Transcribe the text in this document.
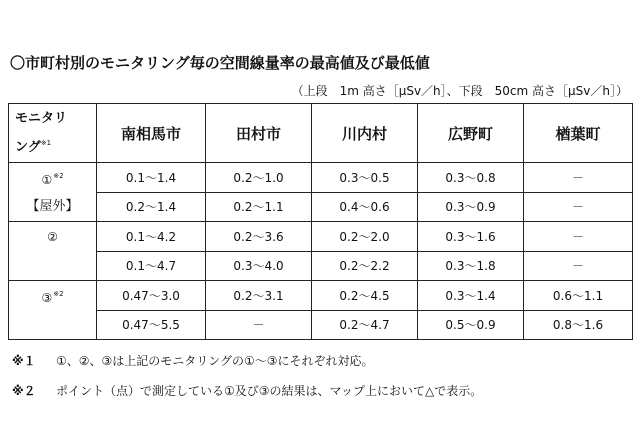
〇市町村別のモニタリング毎の空間線量率の最高値及び最低値
（上段　1m 高さ［μSv／h］、下段　50cm 高さ［μSv／h］）
モニタリ
ング$^{※1}$	南相馬市	田村市	川内村	広野町	楢葉町
①$^{※2}$	0.1～1.4	0.2～1.0	0.3～0.5	0.3～0.8	－
【屋外】	0.2～1.4	0.2～1.1	0.4～0.6	0.3～0.9	－
②	0.1～4.2	0.2～3.6	0.2～2.0	0.3～1.6	－
	0.1～4.7	0.3～4.0	0.2～2.2	0.3～1.8	－
③$^{※2}$	0.47～3.0	0.2～3.1	0.2～4.5	0.3～1.4	0.6～1.1
	0.47～5.5	－	0.2～4.7	0.5～0.9	0.8～1.6
※１ ①、②、③は上記のモニタリングの①～③にそれぞれ対応。
※２ ポイント（点）で測定している①及び③の結果は、マップ上において△で表示。
